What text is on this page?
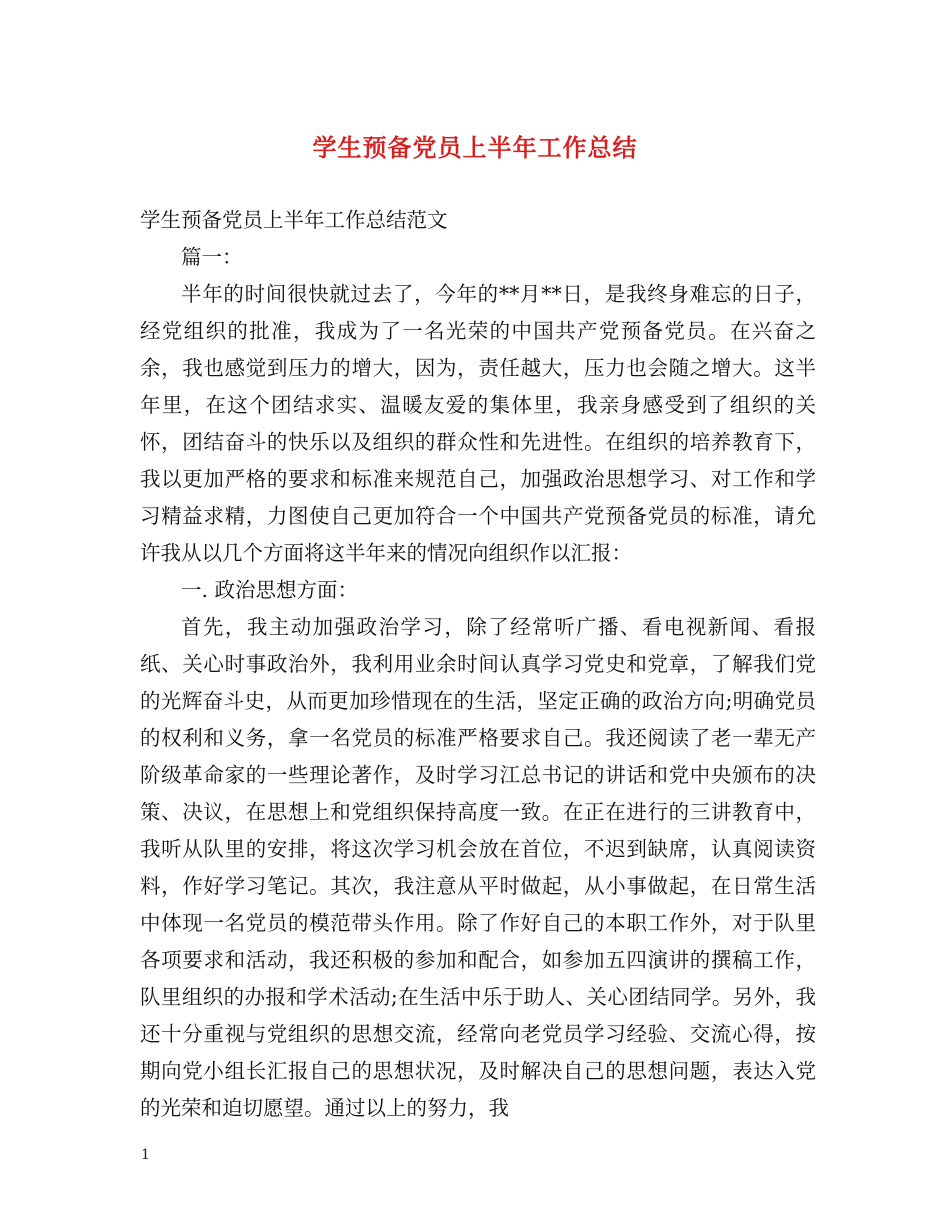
学生预备党员上半年工作总结

学生预备党员上半年工作总结范文

篇一：

半年的时间很快就过去了，今年的**月**日，是我终身难忘的日子，经党组织的批准，我成为了一名光荣的中国共产党预备党员。在兴奋之余，我也感觉到压力的增大，因为，责任越大，压力也会随之增大。这半年里，在这个团结求实、温暖友爱的集体里，我亲身感受到了组织的关怀，团结奋斗的快乐以及组织的群众性和先进性。在组织的培养教育下，我以更加严格的要求和标准来规范自己，加强政治思想学习、对工作和学习精益求精，力图使自己更加符合一个中国共产党预备党员的标准，请允许我从以几个方面将这半年来的情况向组织作以汇报：

一. 政治思想方面：

首先，我主动加强政治学习，除了经常听广播、看电视新闻、看报纸、关心时事政治外，我利用业余时间认真学习党史和党章，了解我们党的光辉奋斗史，从而更加珍惜现在的生活，坚定正确的政治方向;明确党员的权利和义务，拿一名党员的标准严格要求自己。我还阅读了老一辈无产阶级革命家的一些理论著作，及时学习江总书记的讲话和党中央颁布的决策、决议，在思想上和党组织保持高度一致。在正在进行的三讲教育中，我听从队里的安排，将这次学习机会放在首位，不迟到缺席，认真阅读资料，作好学习笔记。其次，我注意从平时做起，从小事做起，在日常生活中体现一名党员的模范带头作用。除了作好自己的本职工作外，对于队里各项要求和活动，我还积极的参加和配合，如参加五四演讲的撰稿工作，队里组织的办报和学术活动;在生活中乐于助人、关心团结同学。另外，我还十分重视与党组织的思想交流，经常向老党员学习经验、交流心得，按期向党小组长汇报自己的思想状况，及时解决自己的思想问题，表达入党的光荣和迫切愿望。通过以上的努力，我

1
